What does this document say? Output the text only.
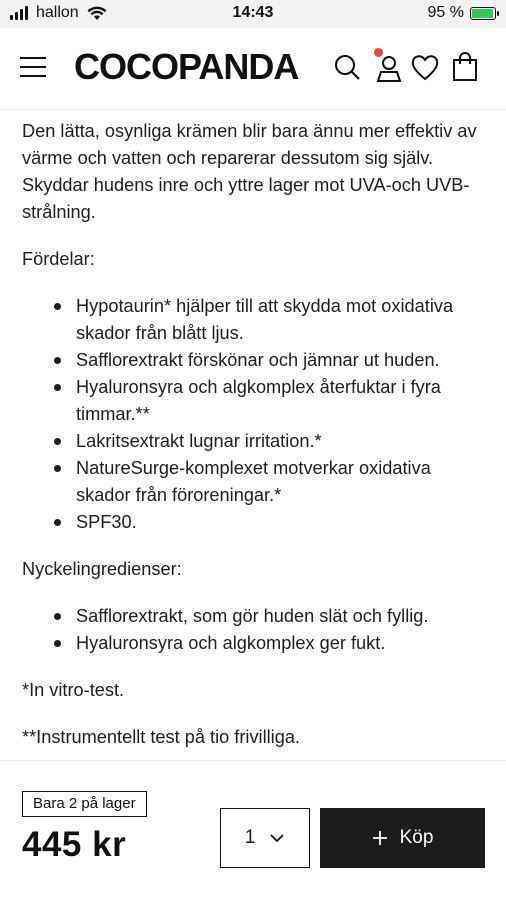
hallon	14:43	95 %
COCOPANDA

Den lätta, osynliga krämen blir bara ännu mer effektiv av värme och vatten och reparerar dessutom sig själv. Skyddar hudens inre och yttre lager mot UVA-och UVB-strålning.

Fördelar:

Hypotaurin* hjälper till att skydda mot oxidativa skador från blått ljus.
Safflorextrakt förskönar och jämnar ut huden.
Hyaluronsyra och algkomplex återfuktar i fyra timmar.**
Lakritsextrakt lugnar irritation.*
NatureSurge-komplexet motverkar oxidativa skador från föroreningar.*
SPF30.

Nyckelingredienser:

Safflorextrakt, som gör huden slät och fyllig.
Hyaluronsyra och algkomplex ger fukt.

*In vitro-test.

**Instrumentellt test på tio frivilliga.

Bara 2 på lager
445 kr	1	Köp
